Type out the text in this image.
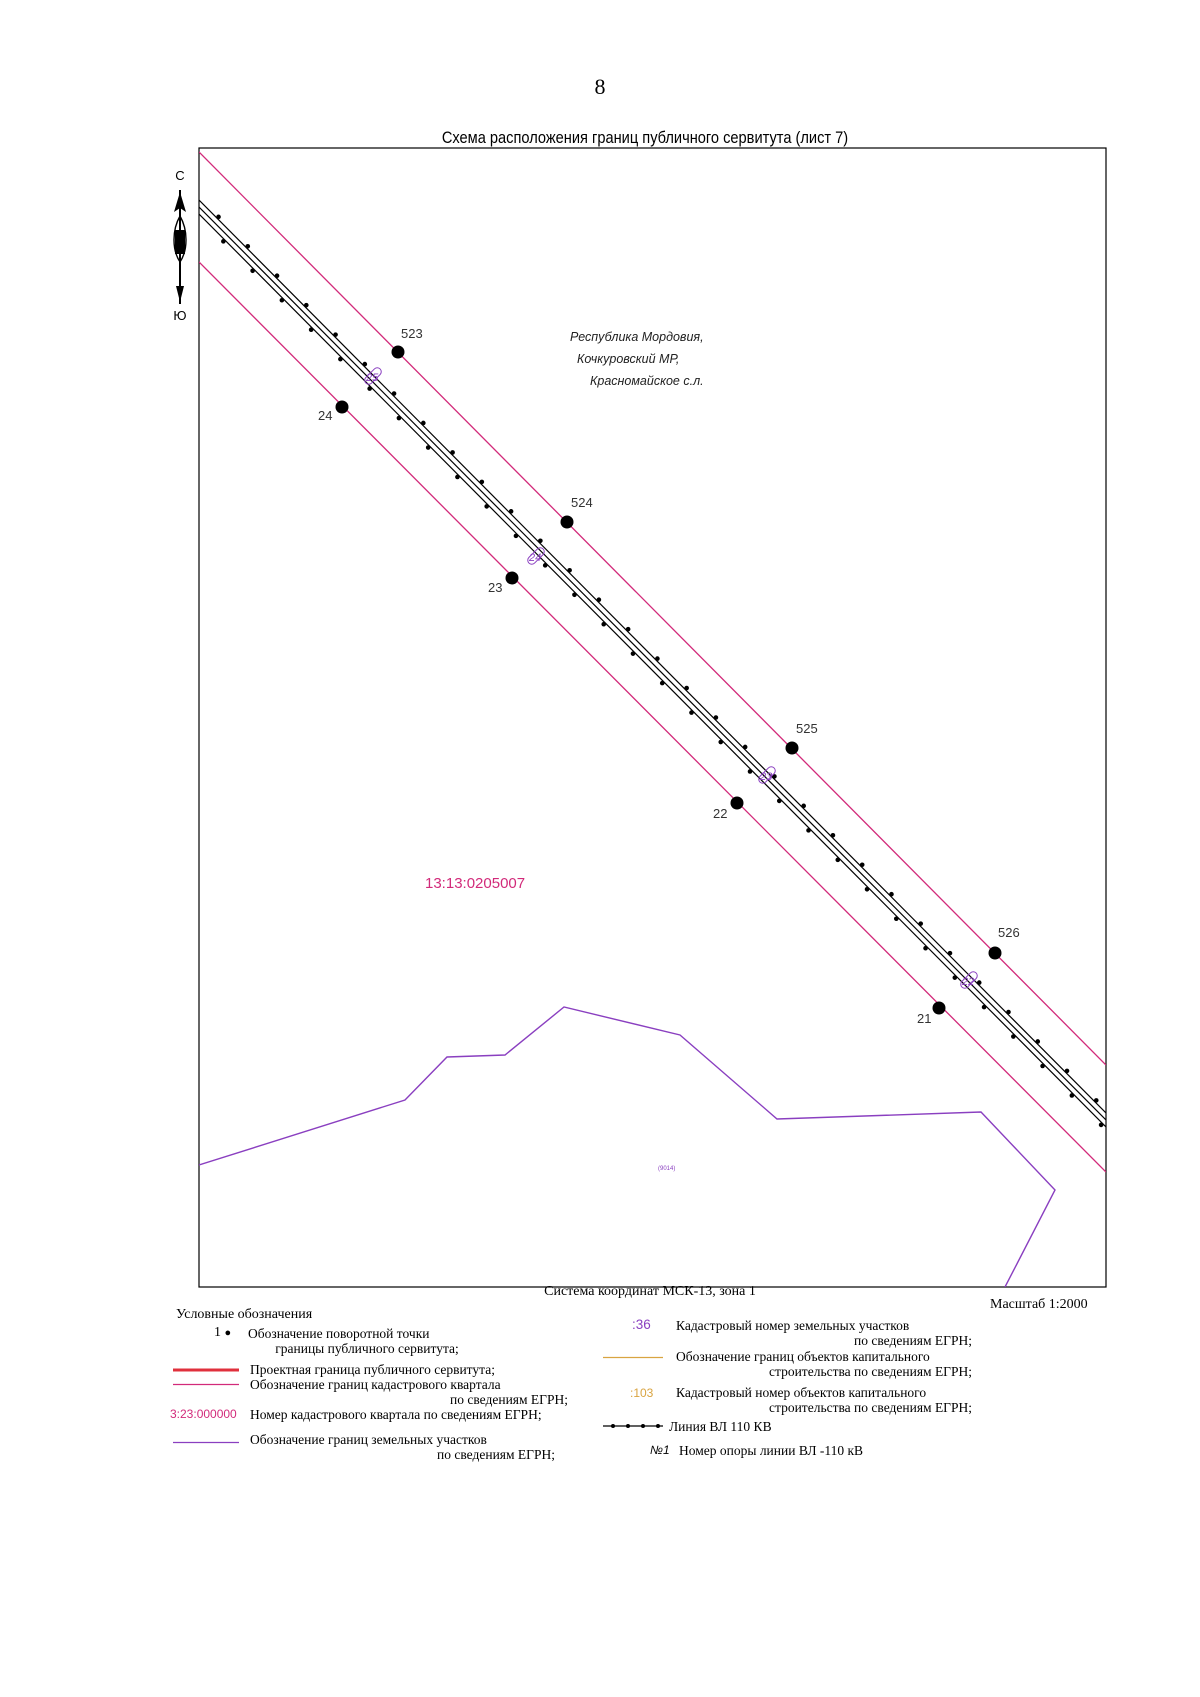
8
Схема расположения границ публичного сервитута (лист 7)
523
24
524
23
525
22
526
21
25
24
23
22
Республика Мордовия,
Кочкуровский МР,
Красномайское с.л.
13:13:0205007
(9014)
С
Ю
Система координат МСК-13, зона 1
Масштаб 1:2000
Условные обозначения
1 ● Обозначение поворотной точки
границы публичного сервитута;
Проектная граница публичного сервитута;
Обозначение границ кадастрового квартала
по сведениям ЕГРН;
3:23:000000 Номер кадастрового квартала по сведениям ЕГРН;
Обозначение границ земельных участков
по сведениям ЕГРН;
:36 Кадастровый номер земельных участков
по сведениям ЕГРН;
Обозначение границ объектов капитального
строительства по сведениям ЕГРН;
:103 Кадастровый номер объектов капитального
строительства по сведениям ЕГРН;
Линия ВЛ 110 КВ
№1 Номер опоры линии ВЛ -110 кВ
